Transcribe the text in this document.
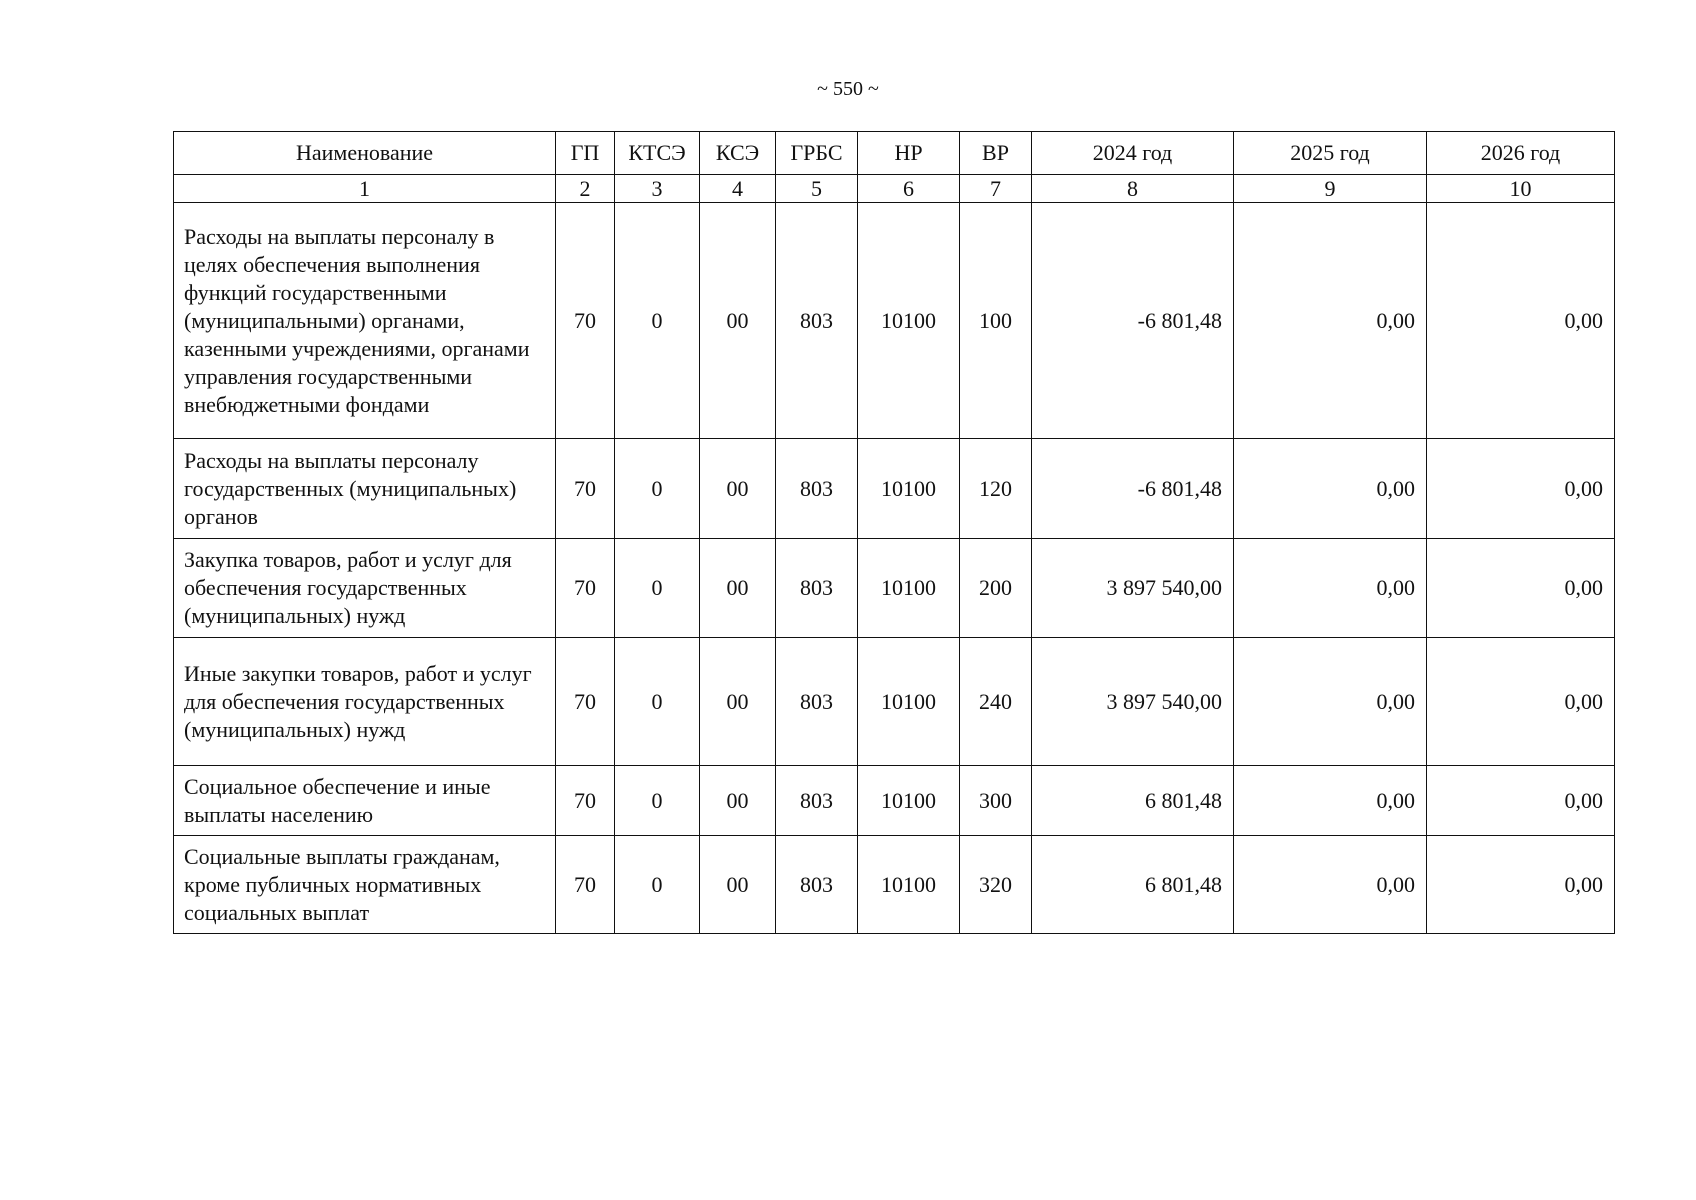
~ 550 ~
Наименование	ГП	КТСЭ	КСЭ	ГРБС	НР	ВР	2024 год	2025 год	2026 год
1	2	3	4	5	6	7	8	9	10
Расходы на выплаты персоналу в целях обеспечения выполнения функций государственными (муниципальными) органами, казенными учреждениями, органами управления государственными внебюджетными фондами	70	0	00	803	10100	100	-6 801,48	0,00	0,00
Расходы на выплаты персоналу государственных (муниципальных) органов	70	0	00	803	10100	120	-6 801,48	0,00	0,00
Закупка товаров, работ и услуг для обеспечения государственных (муниципальных) нужд	70	0	00	803	10100	200	3 897 540,00	0,00	0,00
Иные закупки товаров, работ и услуг для обеспечения государственных (муниципальных) нужд	70	0	00	803	10100	240	3 897 540,00	0,00	0,00
Социальное обеспечение и иные выплаты населению	70	0	00	803	10100	300	6 801,48	0,00	0,00
Социальные выплаты гражданам, кроме публичных нормативных социальных выплат	70	0	00	803	10100	320	6 801,48	0,00	0,00
